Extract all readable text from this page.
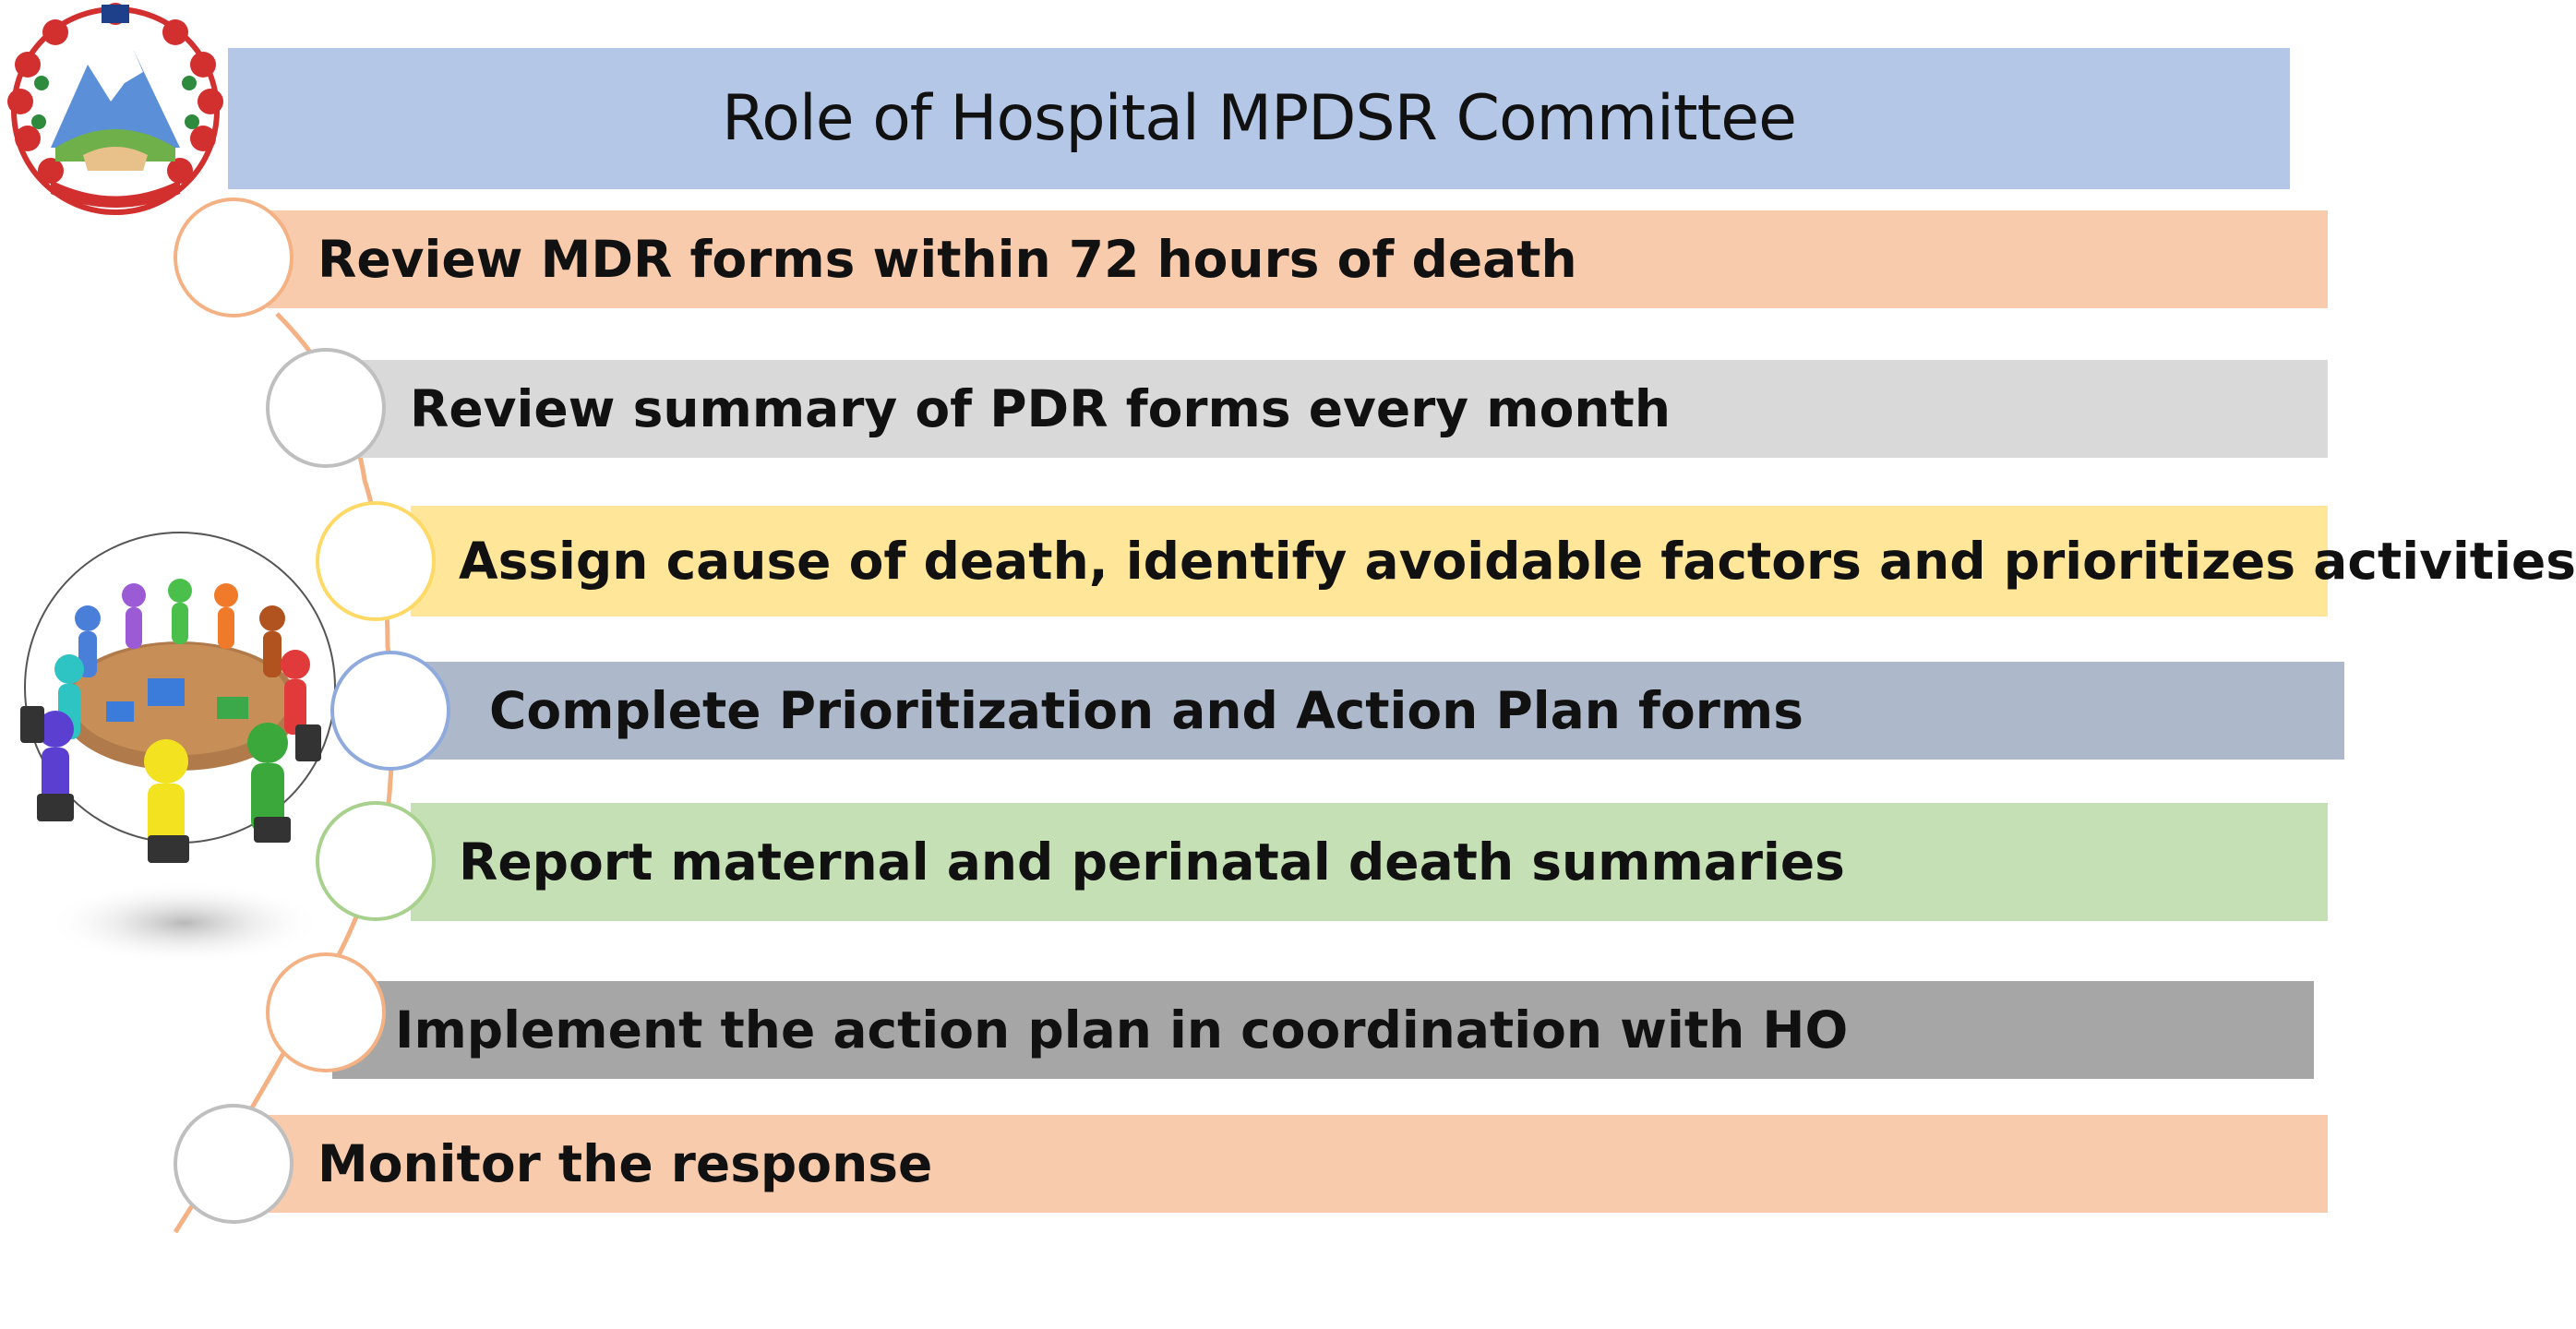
Role of Hospital MPDSR Committee
Review MDR forms within 72 hours of death
Review summary of PDR forms every month
Assign cause of death, identify avoidable factors and prioritizes activities
Complete Prioritization and Action Plan forms
Report maternal and perinatal death summaries
Implement the action plan in coordination with HO
Monitor the response
